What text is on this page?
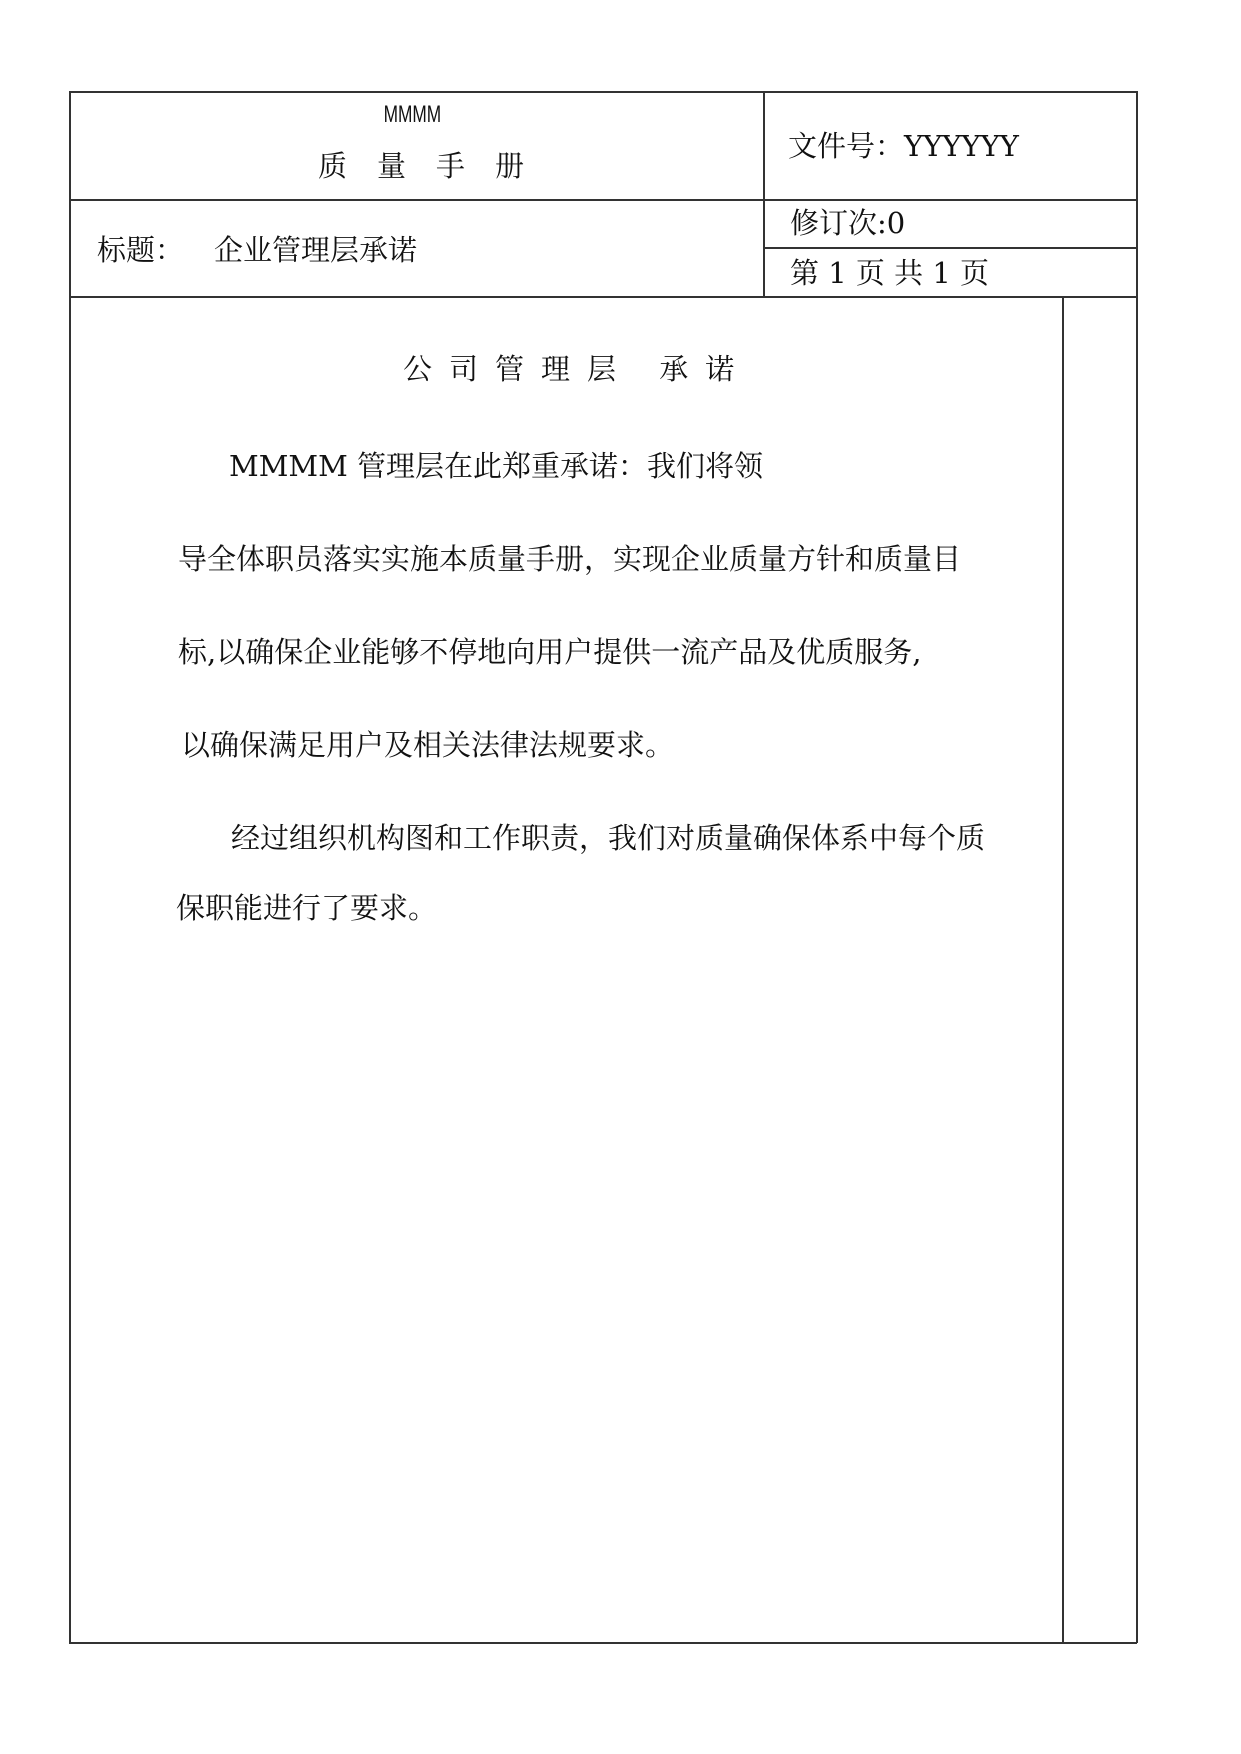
MMMM
质量手册
文件号：YYYYYY
标题： 企业管理层承诺
修订次:0
第 1 页 共 1 页
公司管理层 承诺
MMMM 管理层在此郑重承诺：我们将领
导全体职员落实实施本质量手册，实现企业质量方针和质量目
标,以确保企业能够不停地向用户提供一流产品及优质服务,
以确保满足用户及相关法律法规要求。
经过组织机构图和工作职责，我们对质量确保体系中每个质
保职能进行了要求。
